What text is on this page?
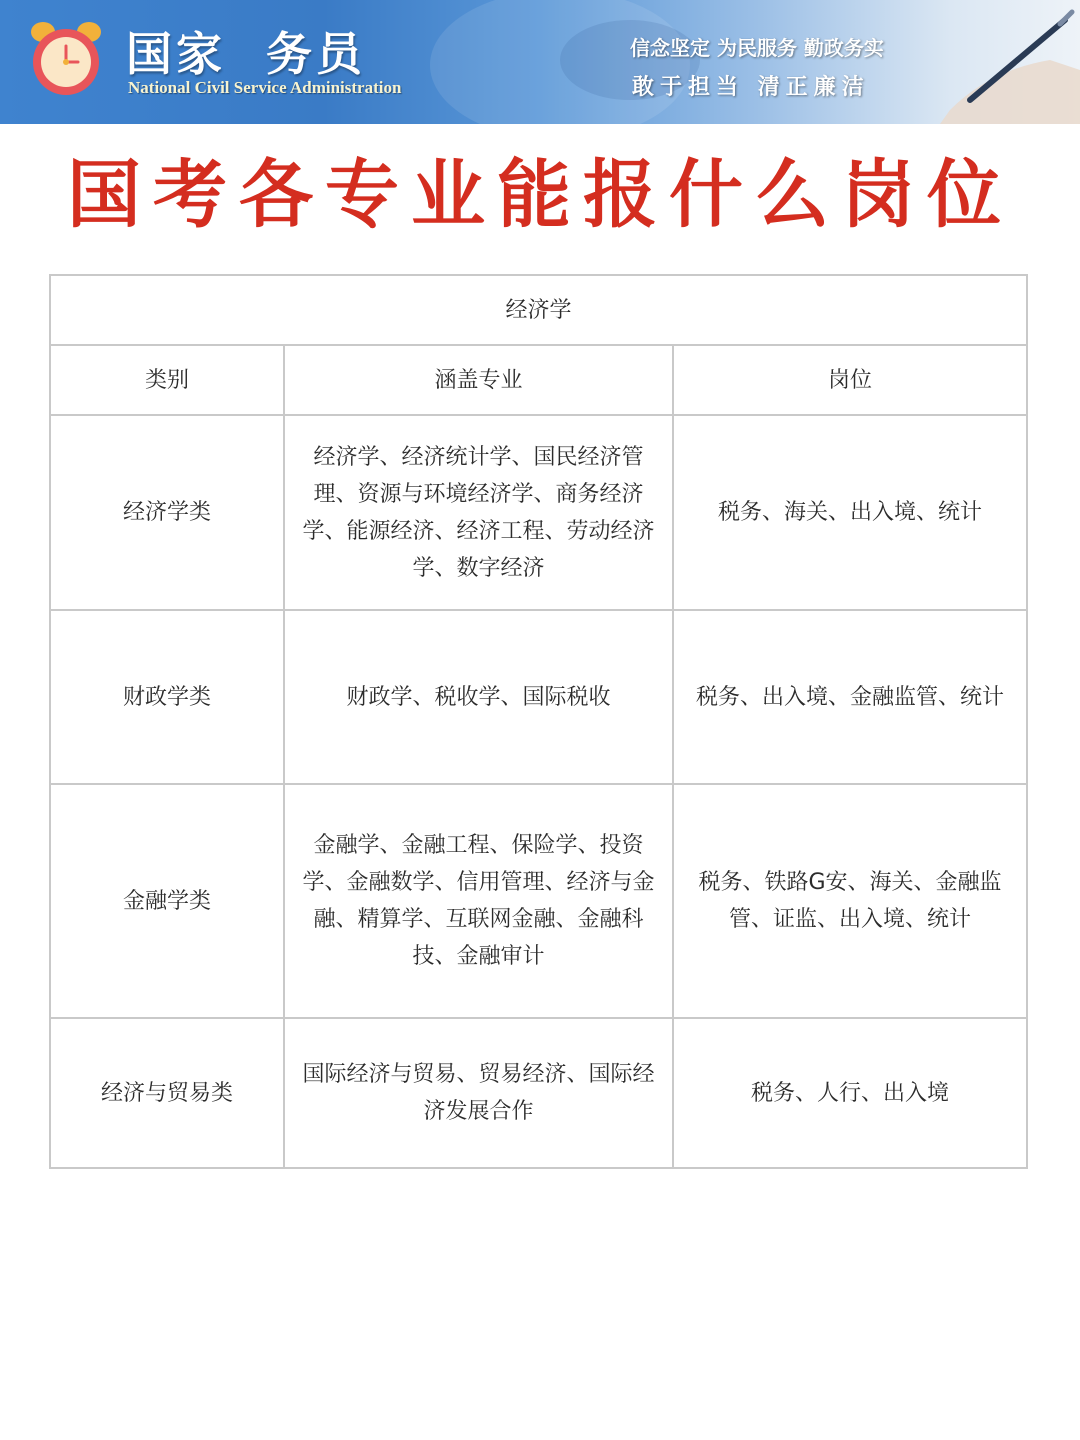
国家  务员
National Civil Service Administration
信念坚定 为民服务 勤政务实
敢于担当 清正廉洁
国考各专业能报什么岗位
经济学		
类别	涵盖专业	岗位
经济学类	经济学、经济统计学、国民经济管理、资源与环境经济学、商务经济学、能源经济、经济工程、劳动经济学、数字经济	税务、海关、出入境、统计
财政学类	财政学、税收学、国际税收	税务、出入境、金融监管、统计
金融学类	金融学、金融工程、保险学、投资学、金融数学、信用管理、经济与金融、精算学、互联网金融、金融科技、金融审计	税务、铁路G安、海关、金融监管、证监、出入境、统计
经济与贸易类	国际经济与贸易、贸易经济、国际经济发展合作	税务、人行、出入境
